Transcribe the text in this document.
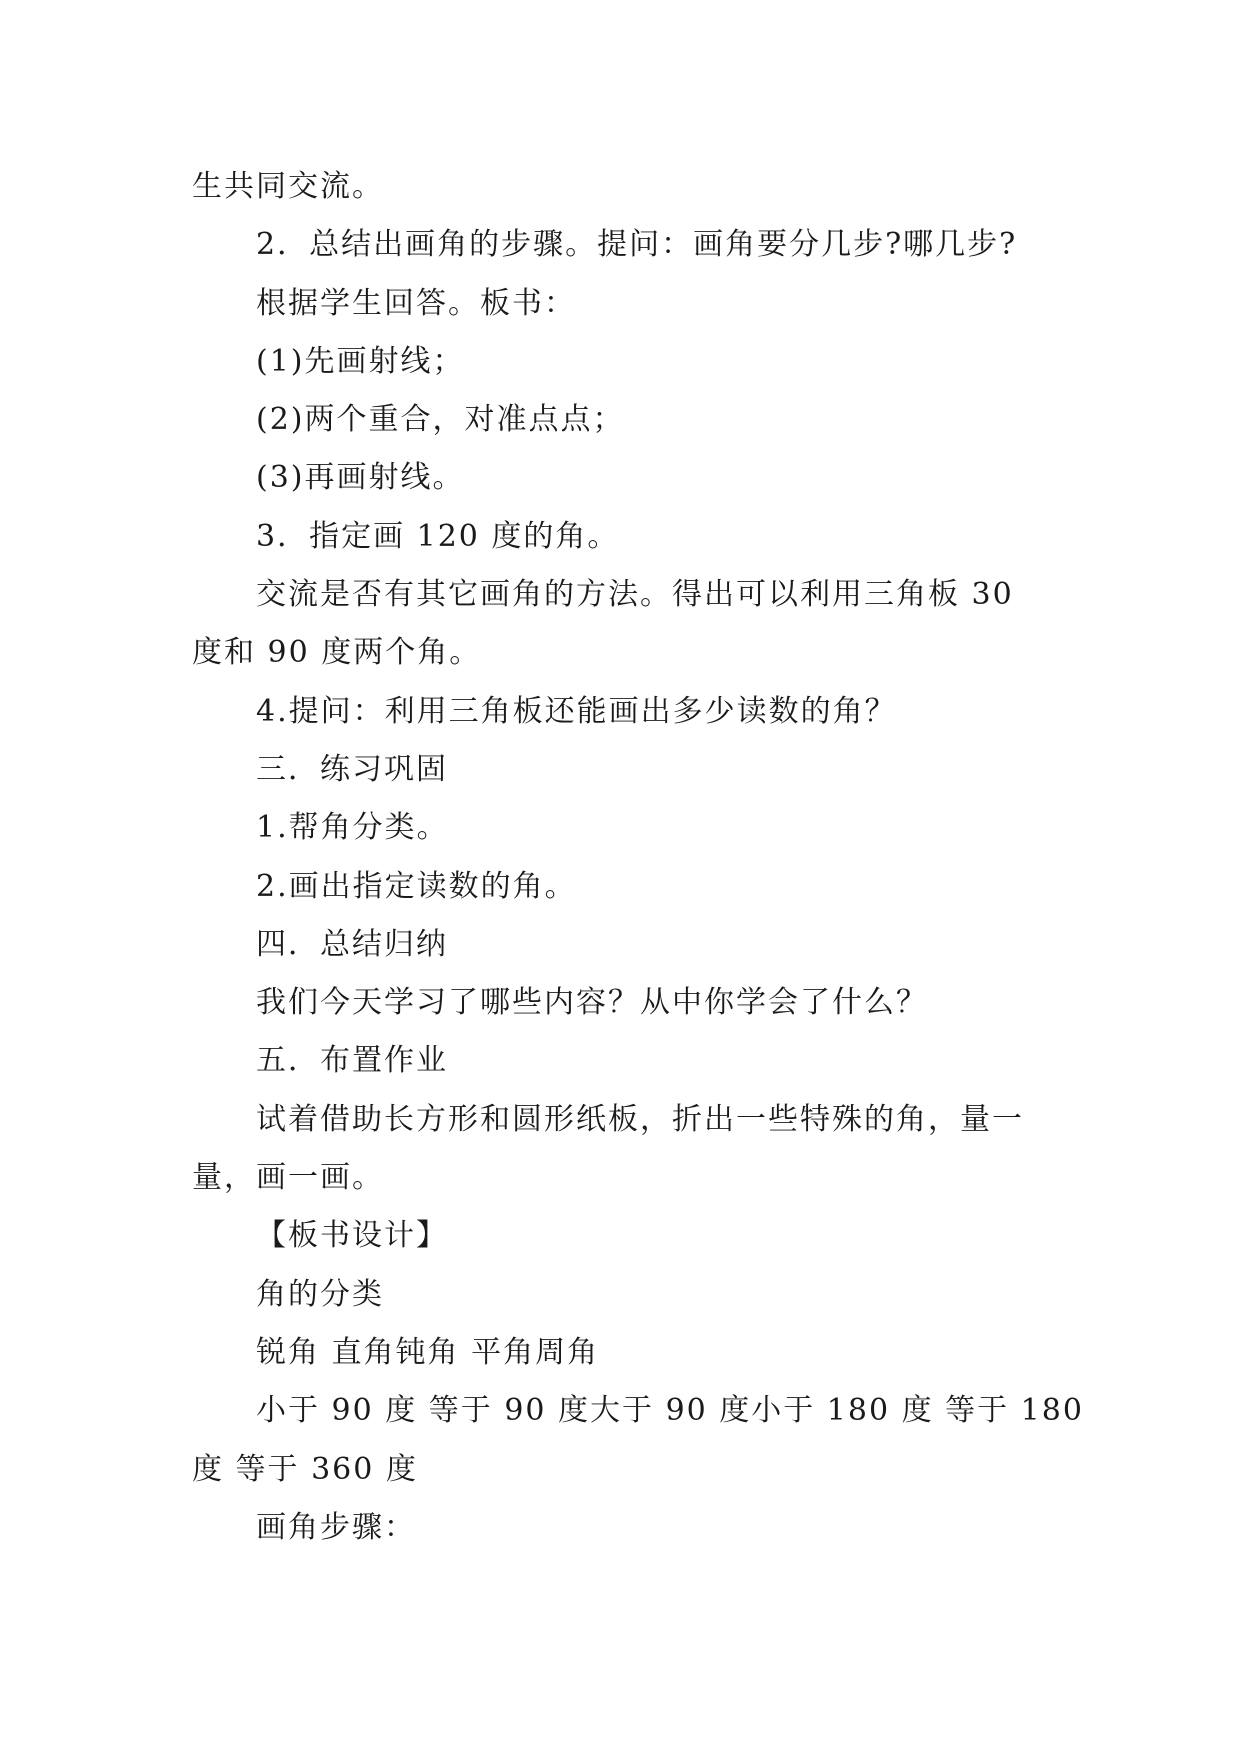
生共同交流。
2．总结出画角的步骤。提问：画角要分几步?哪几步?
根据学生回答。板书：
(1)先画射线；
(2)两个重合，对准点点；
(3)再画射线。
3．指定画 120 度的角。
交流是否有其它画角的方法。得出可以利用三角板 30
度和 90 度两个角。
4.提问：利用三角板还能画出多少读数的角？
三．练习巩固
1.帮角分类。
2.画出指定读数的角。
四．总结归纳
我们今天学习了哪些内容？从中你学会了什么？
五．布置作业
试着借助长方形和圆形纸板，折出一些特殊的角，量一
量，画一画。
【板书设计】
角的分类
锐角 直角钝角 平角周角
小于 90 度 等于 90 度大于 90 度小于 180 度 等于 180
度 等于 360 度
画角步骤：
